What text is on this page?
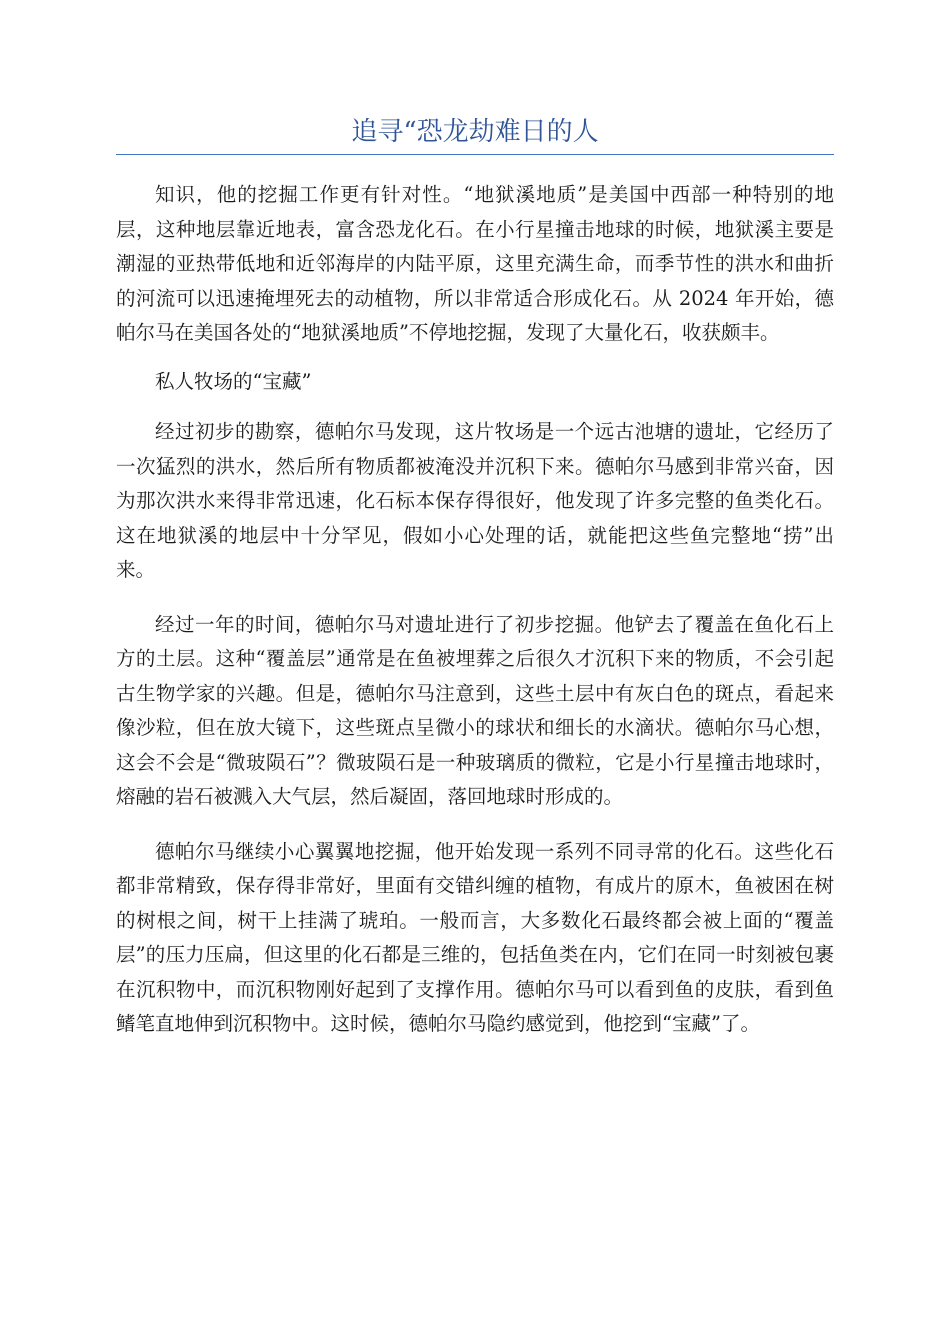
追寻“恐龙劫难日的人

知识，他的挖掘工作更有针对性。“地狱溪地质”是美国中西部一种特别的地层，这种地层靠近地表，富含恐龙化石。在小行星撞击地球的时候，地狱溪主要是潮湿的亚热带低地和近邻海岸的内陆平原，这里充满生命，而季节性的洪水和曲折的河流可以迅速掩埋死去的动植物，所以非常适合形成化石。从 2024 年开始，德帕尔马在美国各处的“地狱溪地质”不停地挖掘，发现了大量化石，收获颇丰。

私人牧场的“宝藏”

经过初步的勘察，德帕尔马发现，这片牧场是一个远古池塘的遗址，它经历了一次猛烈的洪水，然后所有物质都被淹没并沉积下来。德帕尔马感到非常兴奋，因为那次洪水来得非常迅速，化石标本保存得很好，他发现了许多完整的鱼类化石。这在地狱溪的地层中十分罕见，假如小心处理的话，就能把这些鱼完整地“捞”出来。

经过一年的时间，德帕尔马对遗址进行了初步挖掘。他铲去了覆盖在鱼化石上方的土层。这种“覆盖层”通常是在鱼被埋葬之后很久才沉积下来的物质，不会引起古生物学家的兴趣。但是，德帕尔马注意到，这些土层中有灰白色的斑点，看起来像沙粒，但在放大镜下，这些斑点呈微小的球状和细长的水滴状。德帕尔马心想，这会不会是“微玻陨石”？微玻陨石是一种玻璃质的微粒，它是小行星撞击地球时，熔融的岩石被溅入大气层，然后凝固，落回地球时形成的。

德帕尔马继续小心翼翼地挖掘，他开始发现一系列不同寻常的化石。这些化石都非常精致，保存得非常好，里面有交错纠缠的植物，有成片的原木，鱼被困在树的树根之间，树干上挂满了琥珀。一般而言，大多数化石最终都会被上面的“覆盖层”的压力压扁，但这里的化石都是三维的，包括鱼类在内，它们在同一时刻被包裹在沉积物中，而沉积物刚好起到了支撑作用。德帕尔马可以看到鱼的皮肤，看到鱼鳍笔直地伸到沉积物中。这时候，德帕尔马隐约感觉到，他挖到“宝藏”了。
